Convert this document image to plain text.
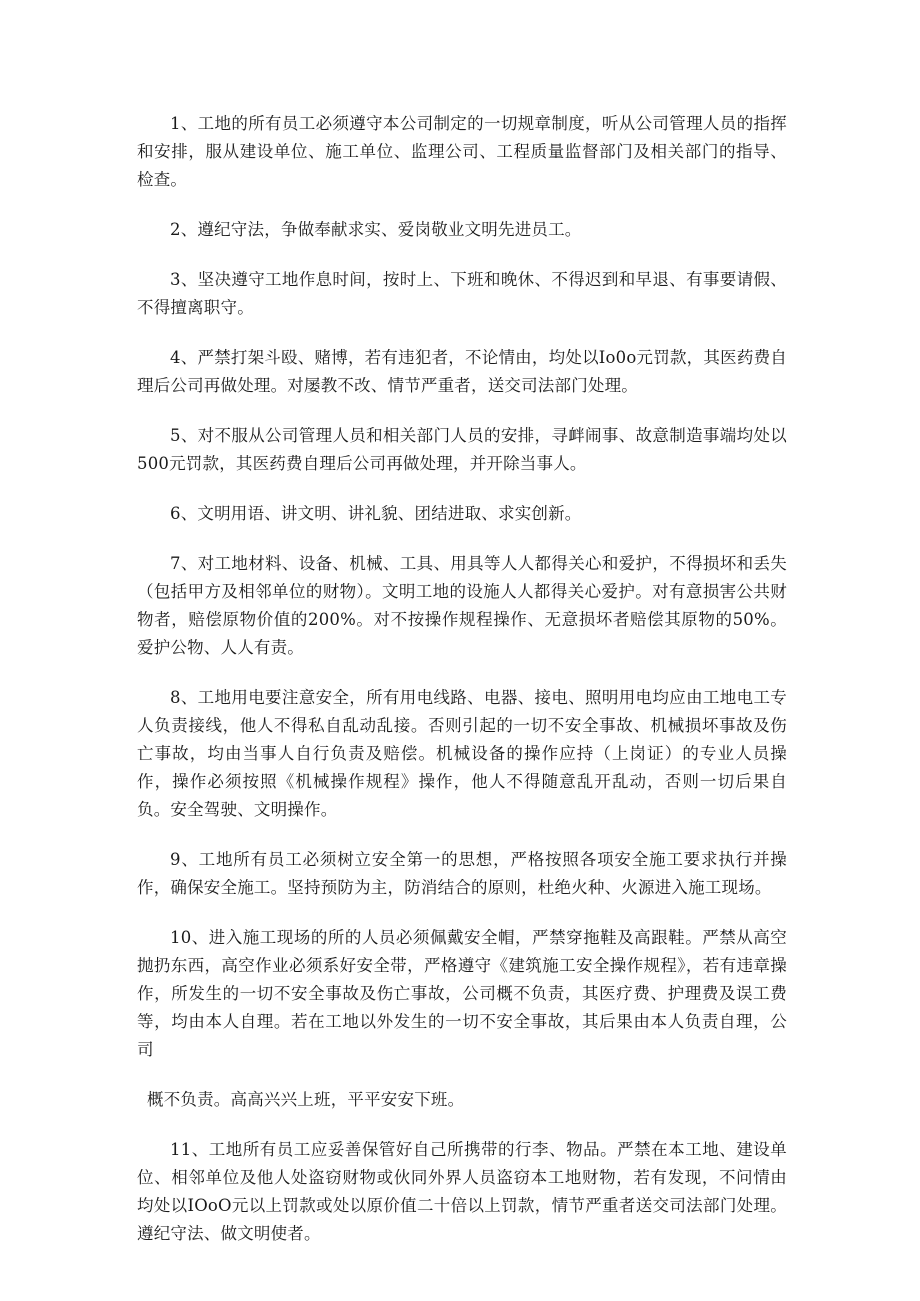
1、工地的所有员工必须遵守本公司制定的一切规章制度，听从公司管理人员的指挥和安排，服从建设单位、施工单位、监理公司、工程质量监督部门及相关部门的指导、检查。

2、遵纪守法，争做奉献求实、爱岗敬业文明先进员工。

3、坚决遵守工地作息时间，按时上、下班和晚休、不得迟到和早退、有事要请假、不得擅离职守。

4、严禁打架斗殴、赌博，若有违犯者，不论情由，均处以Io0o元罚款，其医药费自理后公司再做处理。对屡教不改、情节严重者，送交司法部门处理。

5、对不服从公司管理人员和相关部门人员的安排，寻衅闹事、故意制造事端均处以500元罚款，其医药费自理后公司再做处理，并开除当事人。

6、文明用语、讲文明、讲礼貌、团结进取、求实创新。

7、对工地材料、设备、机械、工具、用具等人人都得关心和爱护，不得损坏和丢失（包括甲方及相邻单位的财物）。文明工地的设施人人都得关心爱护。对有意损害公共财物者，赔偿原物价值的200%。对不按操作规程操作、无意损坏者赔偿其原物的50%。爱护公物、人人有责。

8、工地用电要注意安全，所有用电线路、电器、接电、照明用电均应由工地电工专人负责接线，他人不得私自乱动乱接。否则引起的一切不安全事故、机械损坏事故及伤亡事故，均由当事人自行负责及赔偿。机械设备的操作应持（上岗证）的专业人员操作，操作必须按照《机械操作规程》操作，他人不得随意乱开乱动，否则一切后果自负。安全驾驶、文明操作。

9、工地所有员工必须树立安全第一的思想，严格按照各项安全施工要求执行并操作，确保安全施工。坚持预防为主，防消结合的原则，杜绝火种、火源进入施工现场。

10、进入施工现场的所的人员必须佩戴安全帽，严禁穿拖鞋及高跟鞋。严禁从高空抛扔东西，高空作业必须系好安全带，严格遵守《建筑施工安全操作规程》，若有违章操作，所发生的一切不安全事故及伤亡事故，公司概不负责，其医疗费、护理费及误工费等，均由本人自理。若在工地以外发生的一切不安全事故，其后果由本人负责自理，公司

概不负责。高高兴兴上班，平平安安下班。

11、工地所有员工应妥善保管好自己所携带的行李、物品。严禁在本工地、建设单位、相邻单位及他人处盗窃财物或伙同外界人员盗窃本工地财物，若有发现，不问情由均处以IOoO元以上罚款或处以原价值二十倍以上罚款，情节严重者送交司法部门处理。遵纪守法、做文明使者。
